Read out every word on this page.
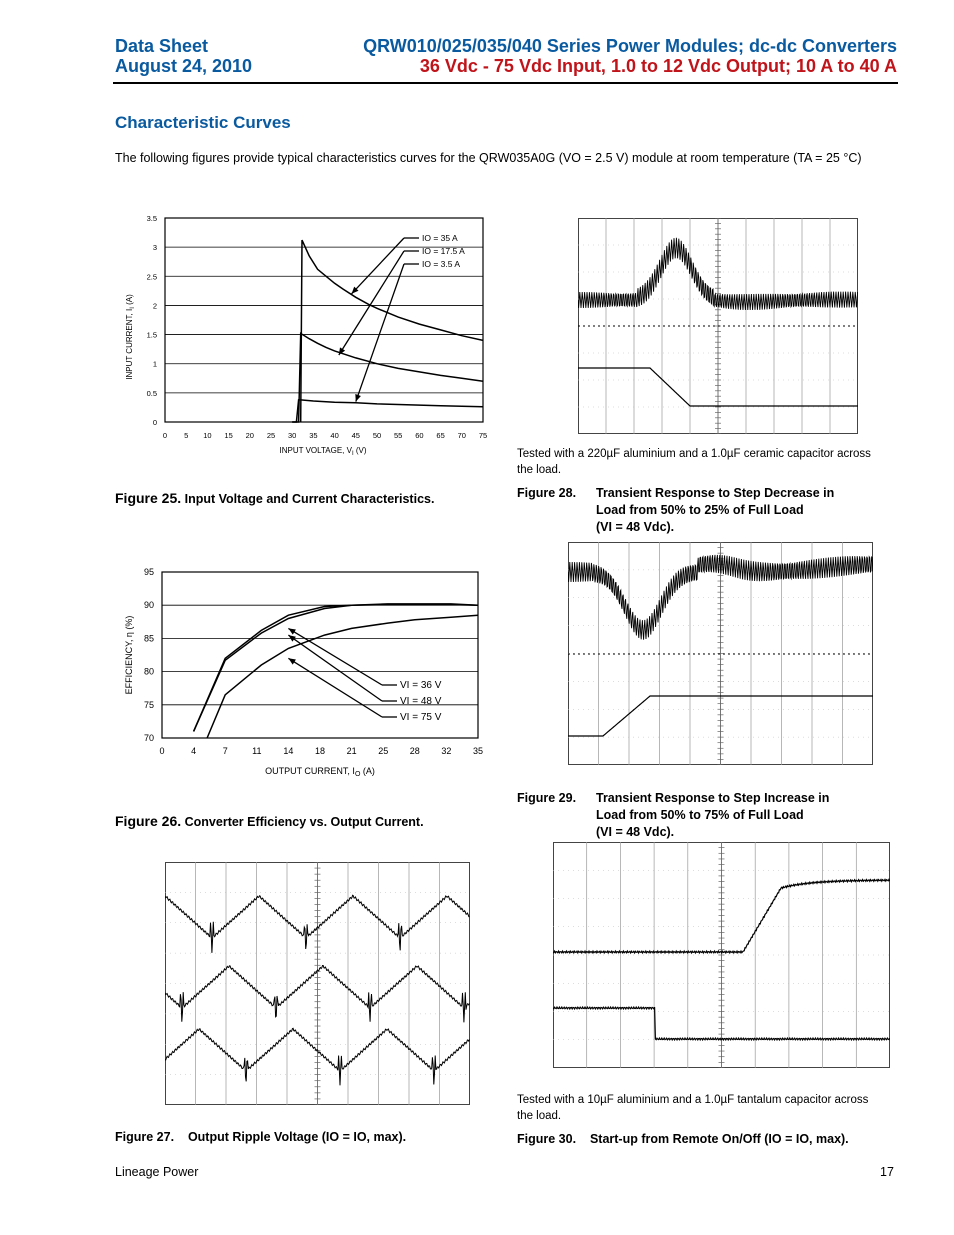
Data Sheet
August 24, 2010
QRW010/025/035/040 Series Power Modules; dc-dc Converters
36 Vdc - 75 Vdc Input, 1.0 to 12 Vdc Output; 10 A to 40 A
Characteristic Curves
The following figures provide typical characteristics curves for the QRW035A0G (VO = 2.5 V) module at room temperature (TA = 25 °C)
0
0.5
1
1.5
2
2.5
3
3.5
0 5 10 15 20 25 30 35 40 45 50 55 60 65 70 75
IO = 35 A
IO = 17.5 A
IO = 3.5 A
INPUT CURRENT, $I_I$ (A)
INPUT VOLTAGE, $V_I$ (V)
Figure 25. Input Voltage and Current Characteristics.
70
75
80
85
90
95
0	4	7	11 14 18 21 25 28 32 35
VI = 36 V
VI = 48 V
VI = 75 V
EFFICIENCY, η (%)
OUTPUT CURRENT, $I_O$ (A)
Figure 26. Converter Efficiency vs. Output Current.
Figure 27. Output Ripple Voltage (IO = IO, max).
Tested with a 220µF aluminium and a 1.0µF ceramic capacitor across the load.
Figure 28. Transient Response to Step Decrease in
Load from 50% to 25% of Full Load
(VI = 48 Vdc).
Figure 29. Transient Response to Step Increase in
Load from 50% to 75% of Full Load
(VI = 48 Vdc).
Tested with a 10µF aluminium and a 1.0µF tantalum capacitor across the load.
Figure 30. Start-up from Remote On/Off (IO = IO, max).
Lineage Power	17
